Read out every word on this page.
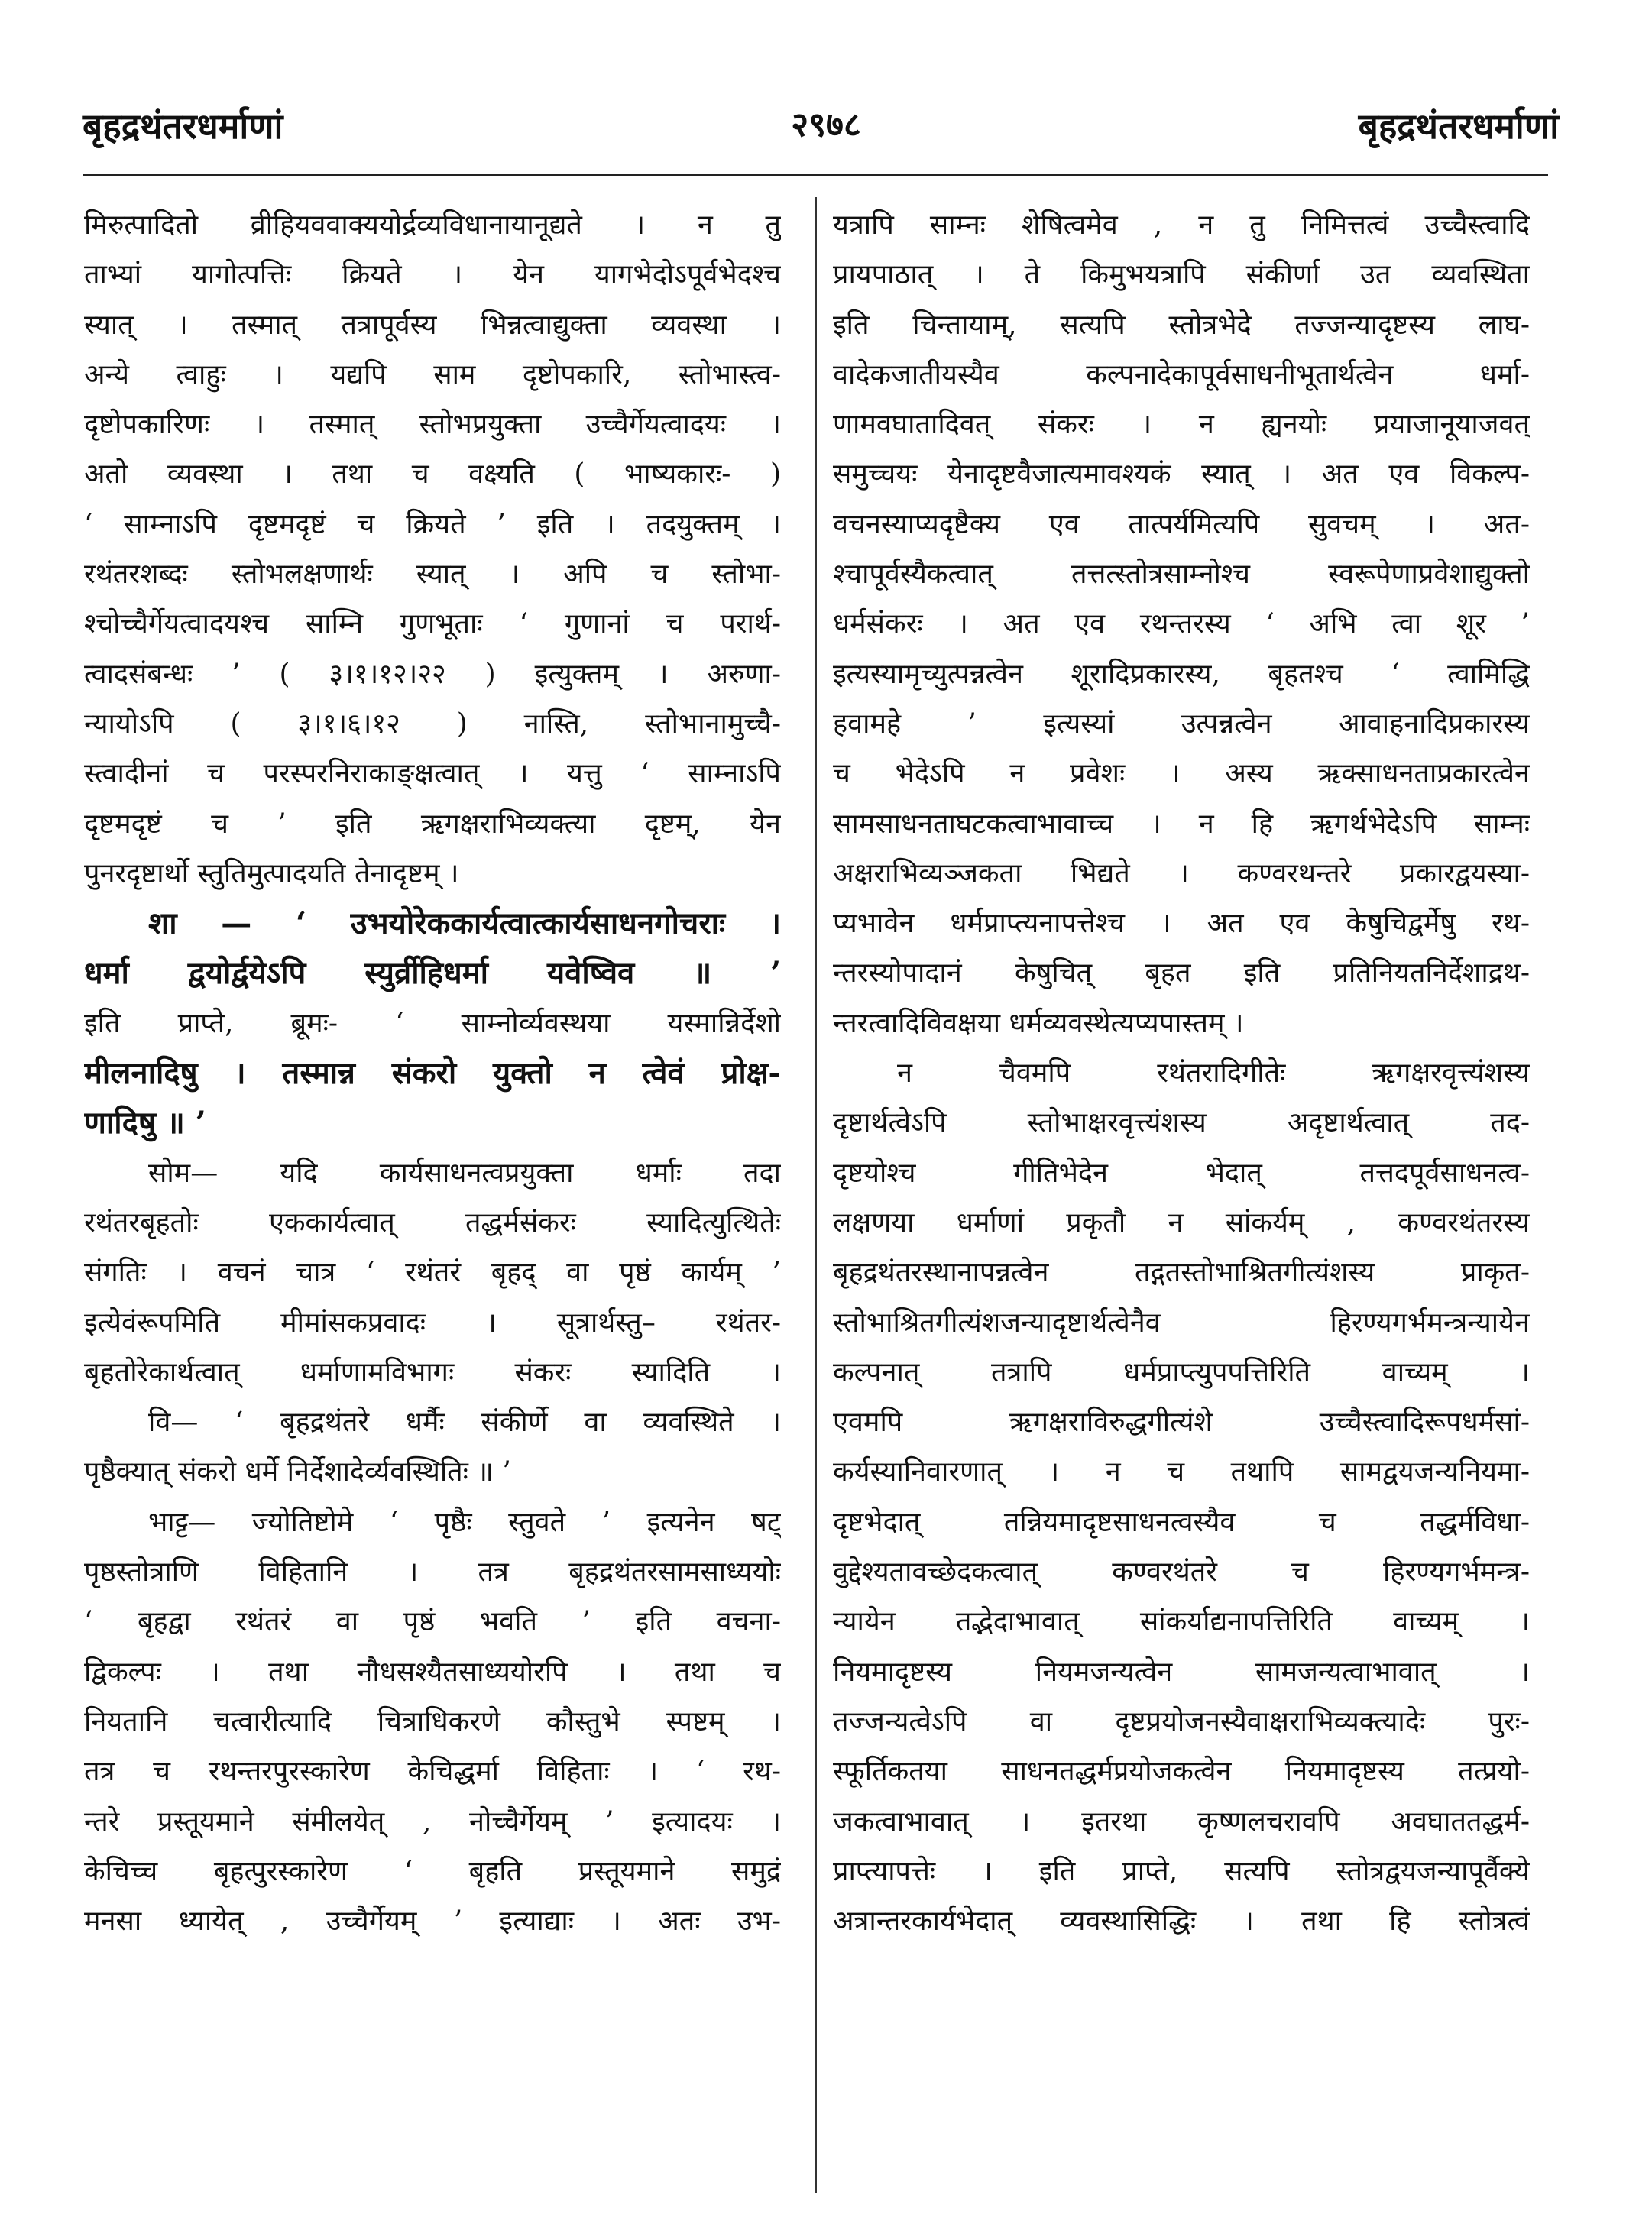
२९७८
बृहद्रथंतरधर्माणां	बृहद्रथंतरधर्माणां
मिरुत्पादितो व्रीहियववाक्ययोर्द्रव्यविधानायानूद्यते । न तु
ताभ्यां यागोत्पत्तिः क्रियते । येन यागभेदोऽपूर्वभेदश्च
स्यात् । तस्मात् तत्रापूर्वस्य भिन्नत्वाद्युक्ता व्यवस्था ।
अन्ये त्वाहुः । यद्यपि साम दृष्टोपकारि, स्तोभास्त्व-
दृष्टोपकारिणः । तस्मात् स्तोभप्रयुक्ता उच्चैर्गेयत्वादयः ।
अतो व्यवस्था । तथा च वक्ष्यति ( भाष्यकारः- )
‘ साम्नाऽपि दृष्टमदृष्टं च क्रियते ’ इति । तदयुक्तम् ।
रथंतरशब्दः स्तोभलक्षणार्थः स्यात् । अपि च स्तोभा-
श्चोच्चैर्गेयत्वादयश्च साम्नि गुणभूताः ‘ गुणानां च परार्थ-
त्वादसंबन्धः ’ ( ३।१।१२।२२ ) इत्युक्तम् । अरुणा-
न्यायोऽपि ( ३।१।६।१२ ) नास्ति, स्तोभानामुच्चै-
स्त्वादीनां च परस्परनिराकाङ्क्षत्वात् । यत्तु ‘ साम्नाऽपि
दृष्टमदृष्टं च ’ इति ऋगक्षराभिव्यक्त्या दृष्टम्, येन
पुनरदृष्टार्थो स्तुतिमुत्पादयति तेनादृष्टम् ।
शा — ‘ उभयोरेककार्यत्वात्कार्यसाधनगोचराः ।
धर्मा द्वयोर्द्वयेऽपि स्युर्व्रीहिधर्मा यवेष्विव ॥ ’
इति प्राप्ते, ब्रूमः- ‘ साम्नोर्व्यवस्थया यस्मान्निर्देशो
मीलनादिषु । तस्मान्न संकरो युक्तो न त्वेवं प्रोक्ष-
णादिषु ॥ ’
सोम— यदि कार्यसाधनत्वप्रयुक्ता धर्माः तदा
रथंतरबृहतोः एककार्यत्वात् तद्धर्मसंकरः स्यादित्युत्थितेः
संगतिः । वचनं चात्र ‘ रथंतरं बृहद् वा पृष्ठं कार्यम् ’
इत्येवंरूपमिति मीमांसकप्रवादः । सूत्रार्थस्तु– रथंतर-
बृहतोरेकार्थत्वात् धर्माणामविभागः संकरः स्यादिति ।
वि— ‘ बृहद्रथंतरे धर्मैः संकीर्णे वा व्यवस्थिते ।
पृष्ठैक्यात् संकरो धर्मे निर्देशादेर्व्यवस्थितिः ॥ ’
भाट्ट— ज्योतिष्टोमे ‘ पृष्ठैः स्तुवते ’ इत्यनेन षट्
पृष्ठस्तोत्राणि विहितानि । तत्र बृहद्रथंतरसामसाध्ययोः
‘ बृहद्वा रथंतरं वा पृष्ठं भवति ’ इति वचना-
द्विकल्पः । तथा नौधसश्यैतसाध्ययोरपि । तथा च
नियतानि चत्वारीत्यादि चित्राधिकरणे कौस्तुभे स्पष्टम् ।
तत्र च रथन्तरपुरस्कारेण केचिद्धर्मा विहिताः । ‘ रथ-
न्तरे प्रस्तूयमाने संमीलयेत् , नोच्चैर्गेयम् ’ इत्यादयः ।
केचिच्च बृहत्पुरस्कारेण ‘ बृहति प्रस्तूयमाने समुद्रं
मनसा ध्यायेत् , उच्चैर्गेयम् ’ इत्याद्याः । अतः उभ-
यत्रापि साम्नः शेषित्वमेव , न तु निमित्तत्वं उच्चैस्त्वादि
प्रायपाठात् । ते किमुभयत्रापि संकीर्णा उत व्यवस्थिता
इति चिन्तायाम्, सत्यपि स्तोत्रभेदे तज्जन्यादृष्टस्य लाघ-
वादेकजातीयस्यैव कल्पनादेकापूर्वसाधनीभूतार्थत्वेन धर्मा-
णामवघातादिवत् संकरः । न ह्यनयोः प्रयाजानूयाजवत्
समुच्चयः येनादृष्टवैजात्यमावश्यकं स्यात् । अत एव विकल्प-
वचनस्याप्यदृष्टैक्य एव तात्पर्यमित्यपि सुवचम् । अत-
श्चापूर्वस्यैकत्वात् तत्तत्स्तोत्रसाम्नोश्च स्वरूपेणाप्रवेशाद्युक्तो
धर्मसंकरः । अत एव रथन्तरस्य ‘ अभि त्वा शूर ’
इत्यस्यामृच्युत्पन्नत्वेन शूरादिप्रकारस्य, बृहतश्च ‘ त्वामिद्धि
हवामहे ’ इत्यस्यां उत्पन्नत्वेन आवाहनादिप्रकारस्य
च भेदेऽपि न प्रवेशः । अस्य ऋक्साधनताप्रकारत्वेन
सामसाधनताघटकत्वाभावाच्च । न हि ऋगर्थभेदेऽपि साम्नः
अक्षराभिव्यञ्जकता भिद्यते । कण्वरथन्तरे प्रकारद्वयस्या-
प्यभावेन धर्मप्राप्त्यनापत्तेश्च । अत एव केषुचिद्वर्मेषु रथ-
न्तरस्योपादानं केषुचित् बृहत इति प्रतिनियतनिर्देशाद्रथ-
न्तरत्वादिविवक्षया धर्मव्यवस्थेत्यप्यपास्तम् ।
न चैवमपि रथंतरादिगीतेः ऋगक्षरवृत्त्यंशस्य
दृष्टार्थत्वेऽपि स्तोभाक्षरवृत्त्यंशस्य अदृष्टार्थत्वात् तद-
दृष्टयोश्च गीतिभेदेन भेदात् तत्तदपूर्वसाधनत्व-
लक्षणया धर्माणां प्रकृतौ न सांकर्यम् , कण्वरथंतरस्य
बृहद्रथंतरस्थानापन्नत्वेन तद्गतस्तोभाश्रितगीत्यंशस्य प्राकृत-
स्तोभाश्रितगीत्यंशजन्यादृष्टार्थत्वेनैव हिरण्यगर्भमन्त्रन्यायेन
कल्पनात् तत्रापि धर्मप्राप्त्युपपत्तिरिति वाच्यम् ।
एवमपि ऋगक्षराविरुद्धगीत्यंशे उच्चैस्त्वादिरूपधर्मसां-
कर्यस्यानिवारणात् । न च तथापि सामद्वयजन्यनियमा-
दृष्टभेदात् तन्नियमादृष्टसाधनत्वस्यैव च तद्धर्मविधा-
वुद्देश्यतावच्छेदकत्वात् कण्वरथंतरे च हिरण्यगर्भमन्त्र-
न्यायेन तद्भेदाभावात् सांकर्याद्यनापत्तिरिति वाच्यम् ।
नियमादृष्टस्य नियमजन्यत्वेन सामजन्यत्वाभावात् ।
तज्जन्यत्वेऽपि वा दृष्टप्रयोजनस्यैवाक्षराभिव्यक्त्यादेः पुरः-
स्फूर्तिकतया साधनतद्धर्मप्रयोजकत्वेन नियमादृष्टस्य तत्प्रयो-
जकत्वाभावात् । इतरथा कृष्णलचरावपि अवघाततद्धर्म-
प्राप्त्यापत्तेः । इति प्राप्ते, सत्यपि स्तोत्रद्वयजन्यापूर्वैक्ये
अत्रान्तरकार्यभेदात् व्यवस्थासिद्धिः । तथा हि स्तोत्रत्वं
